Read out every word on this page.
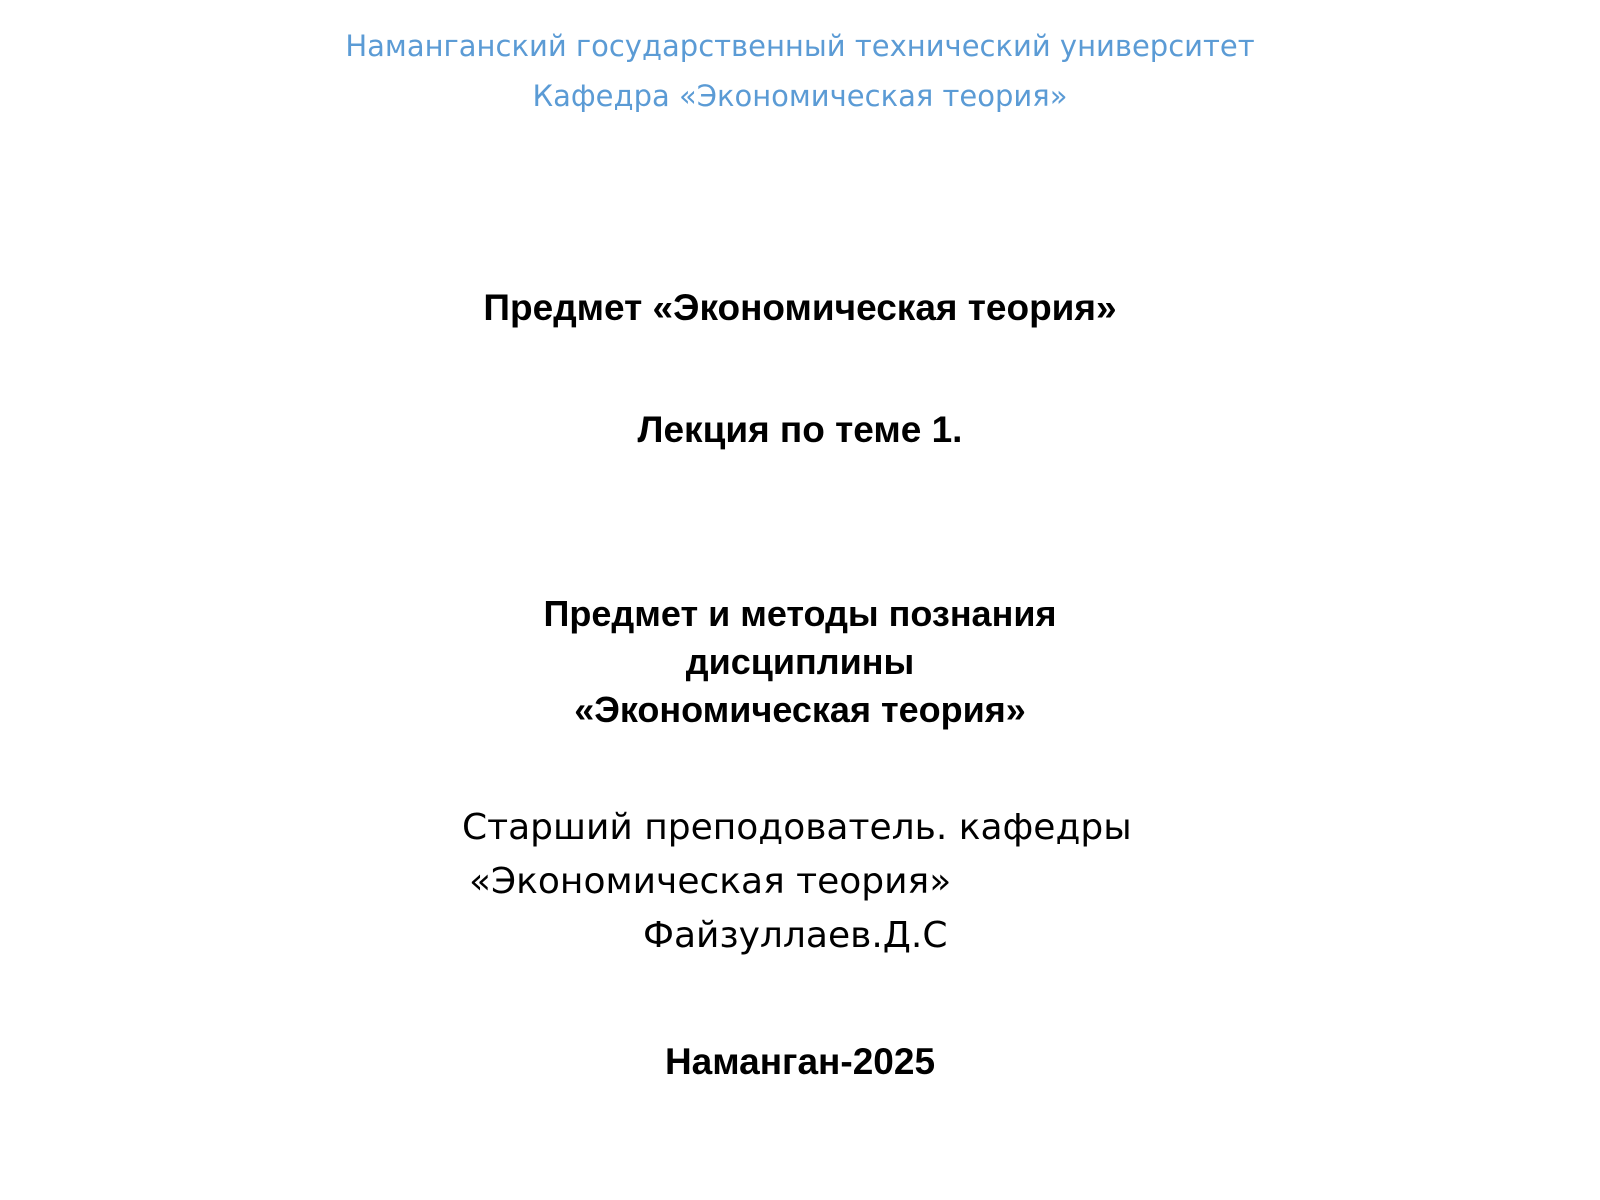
Наманганский государственный технический университет
Кафедра «Экономическая теория»
Предмет «Экономическая теория»
Лекция по теме 1.
Предмет и методы познания
дисциплины
«Экономическая теория»
Старший преподователь. кафедры
«Экономическая теория»
Файзуллаев.Д.С
Наманган-2025
